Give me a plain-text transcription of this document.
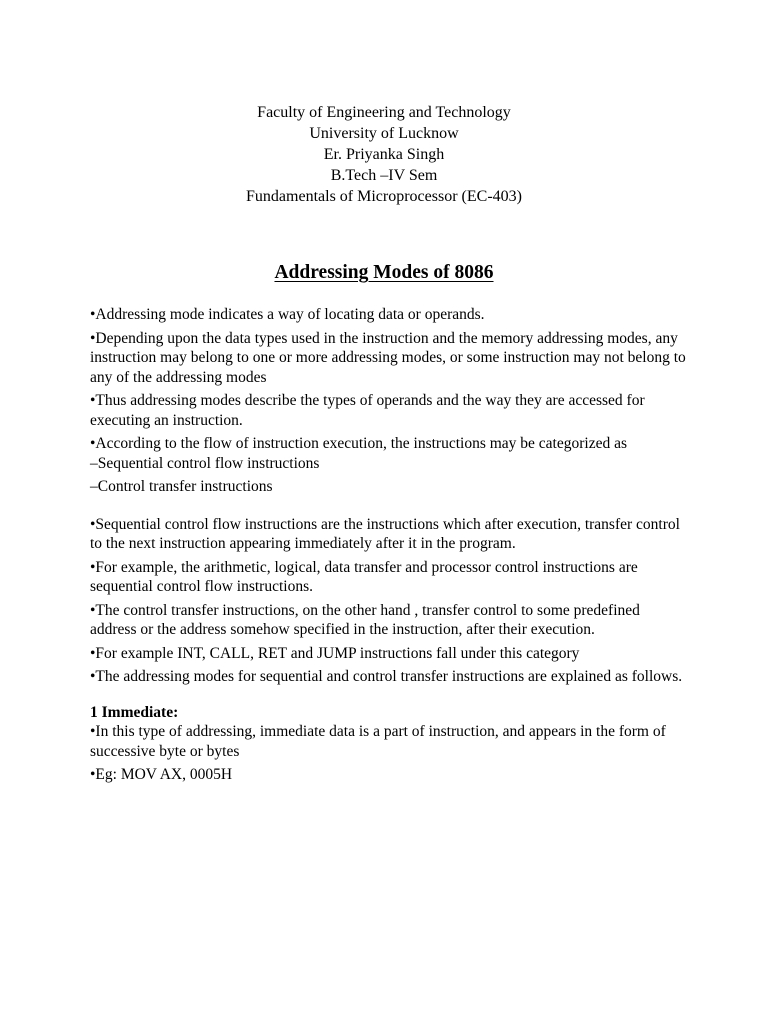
Faculty of Engineering and Technology
University of Lucknow
Er. Priyanka Singh
B.Tech –IV Sem
Fundamentals of Microprocessor (EC-403)
Addressing Modes of 8086

•Addressing mode indicates a way of locating data or operands.

•Depending upon the data types used in the instruction and the memory addressing modes, any instruction may belong to one or more addressing modes, or some instruction may not belong to any of the addressing modes

•Thus addressing modes describe the types of operands and the way they are accessed for executing an instruction.

•According to the flow of instruction execution, the instructions may be categorized as

–Sequential control flow instructions

–Control transfer instructions

•Sequential control flow instructions are the instructions which after execution, transfer control to the next instruction appearing immediately after it in the program.

•For example, the arithmetic, logical, data transfer and processor control instructions are sequential control flow instructions.

•The control transfer instructions, on the other hand , transfer control to some predefined address or the address somehow specified in the instruction, after their execution.

•For example INT, CALL, RET and JUMP instructions fall under this category

•The addressing modes for sequential and control transfer instructions are explained as follows.

1 Immediate:

•In this type of addressing, immediate data is a part of instruction, and appears in the form of successive byte or bytes

•Eg: MOV AX, 0005H
